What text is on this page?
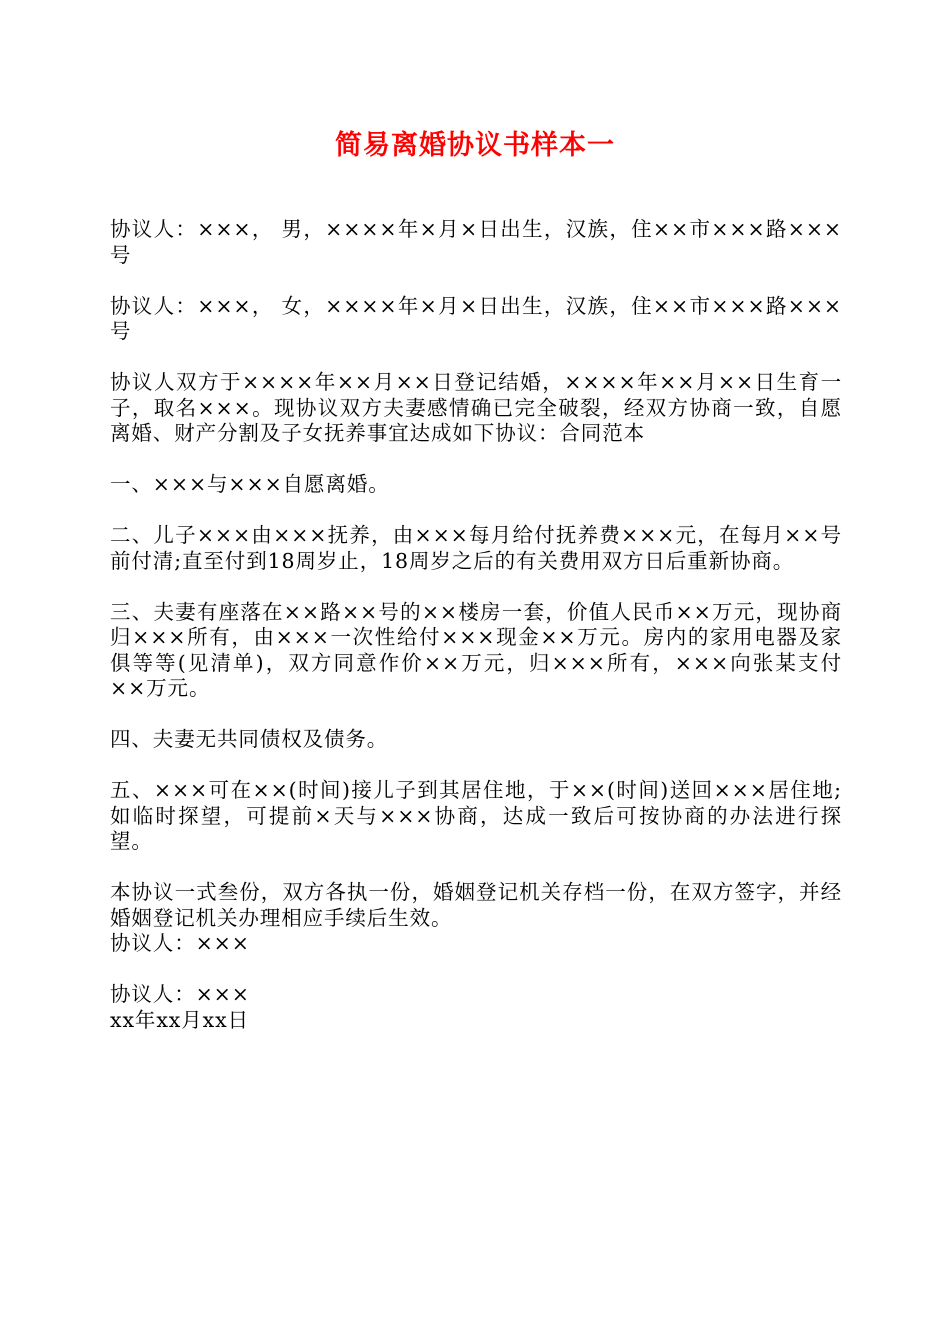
简易离婚协议书样本一

协议人：×××， 男，××××年×月×日出生，汉族，住××市×××路×××号

协议人：×××， 女，××××年×月×日出生，汉族，住××市×××路×××号

协议人双方于××××年××月××日登记结婚，××××年××月××日生育一子，取名×××。现协议双方夫妻感情确已完全破裂，经双方协商一致，自愿离婚、财产分割及子女抚养事宜达成如下协议：合同范本

一、×××与×××自愿离婚。

二、儿子×××由×××抚养，由×××每月给付抚养费×××元，在每月××号前付清;直至付到18周岁止，18周岁之后的有关费用双方日后重新协商。

三、夫妻有座落在××路××号的××楼房一套，价值人民币××万元，现协商归×××所有，由×××一次性给付×××现金××万元。房内的家用电器及家俱等等(见清单)，双方同意作价××万元，归×××所有，×××向张某支付××万元。

四、夫妻无共同债权及债务。

五、×××可在××(时间)接儿子到其居住地，于××(时间)送回×××居住地;如临时探望，可提前×天与×××协商，达成一致后可按协商的办法进行探望。

本协议一式叁份，双方各执一份，婚姻登记机关存档一份，在双方签字，并经婚姻登记机关办理相应手续后生效。

协议人：×××

协议人：×××

xx年xx月xx日
